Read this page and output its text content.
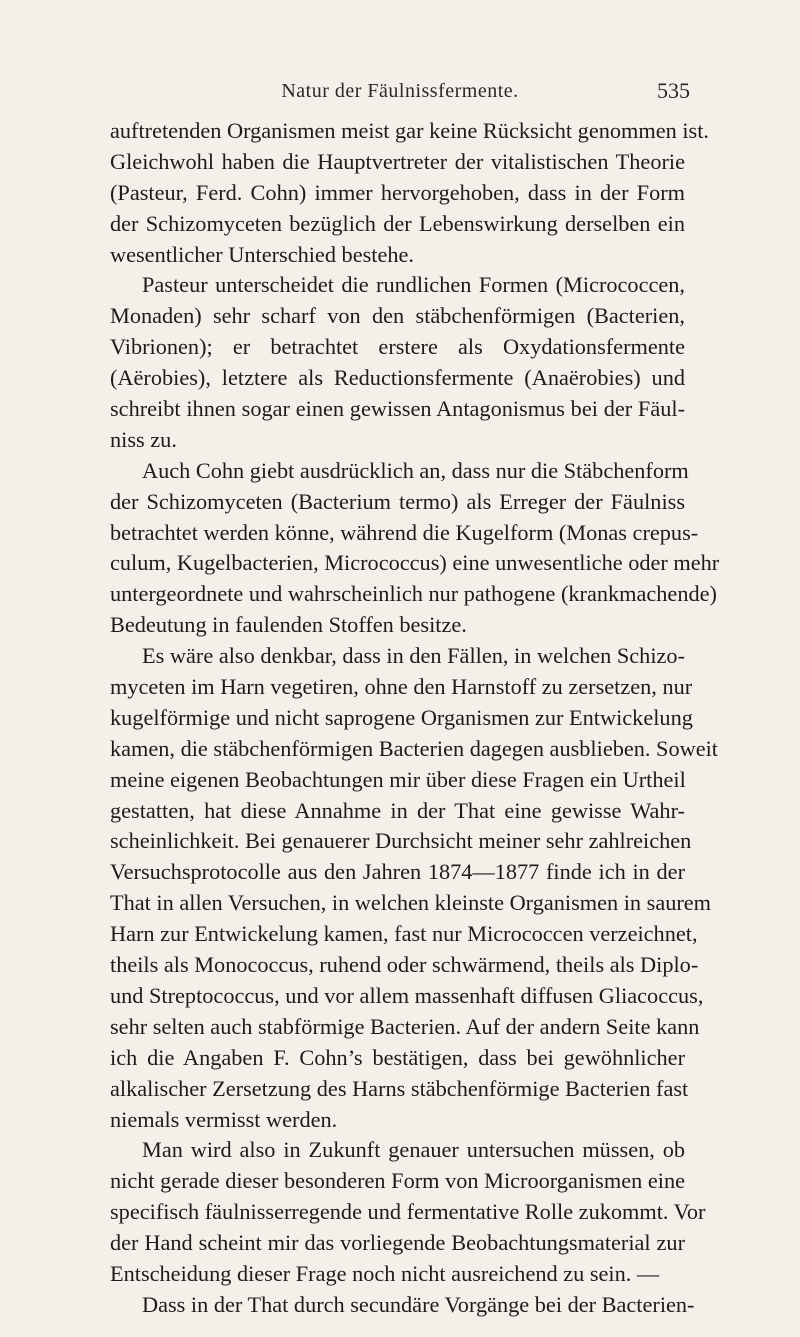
Natur der Fäulnissfermente.	535
auftretenden Organismen meist gar keine Rücksicht genommen ist.
Gleichwohl haben die Hauptvertreter der vitalistischen Theorie
(Pasteur, Ferd. Cohn) immer hervorgehoben, dass in der Form
der Schizomyceten bezüglich der Lebenswirkung derselben ein
wesentlicher Unterschied bestehe.
Pasteur unterscheidet die rundlichen Formen (Micrococcen,
Monaden) sehr scharf von den stäbchenförmigen (Bacterien,
Vibrionen); er betrachtet erstere als Oxydationsfermente
(Aërobies), letztere als Reductionsfermente (Anaërobies) und
schreibt ihnen sogar einen gewissen Antagonismus bei der Fäul-
niss zu.
Auch Cohn giebt ausdrücklich an, dass nur die Stäbchenform
der Schizomyceten (Bacterium termo) als Erreger der Fäulniss
betrachtet werden könne, während die Kugelform (Monas crepus-
culum, Kugelbacterien, Micrococcus) eine unwesentliche oder mehr
untergeordnete und wahrscheinlich nur pathogene (krankmachende)
Bedeutung in faulenden Stoffen besitze.
Es wäre also denkbar, dass in den Fällen, in welchen Schizo-
myceten im Harn vegetiren, ohne den Harnstoff zu zersetzen, nur
kugelförmige und nicht saprogene Organismen zur Entwickelung
kamen, die stäbchenförmigen Bacterien dagegen ausblieben. Soweit
meine eigenen Beobachtungen mir über diese Fragen ein Urtheil
gestatten, hat diese Annahme in der That eine gewisse Wahr-
scheinlichkeit. Bei genauerer Durchsicht meiner sehr zahlreichen
Versuchsprotocolle aus den Jahren 1874—1877 finde ich in der
That in allen Versuchen, in welchen kleinste Organismen in saurem
Harn zur Entwickelung kamen, fast nur Micrococcen verzeichnet,
theils als Monococcus, ruhend oder schwärmend, theils als Diplo-
und Streptococcus, und vor allem massenhaft diffusen Gliacoccus,
sehr selten auch stabförmige Bacterien. Auf der andern Seite kann
ich die Angaben F. Cohn’s bestätigen, dass bei gewöhnlicher
alkalischer Zersetzung des Harns stäbchenförmige Bacterien fast
niemals vermisst werden.
Man wird also in Zukunft genauer untersuchen müssen, ob
nicht gerade dieser besonderen Form von Microorganismen eine
specifisch fäulnisserregende und fermentative Rolle zukommt. Vor
der Hand scheint mir das vorliegende Beobachtungsmaterial zur
Entscheidung dieser Frage noch nicht ausreichend zu sein. —
Dass in der That durch secundäre Vorgänge bei der Bacterien-
